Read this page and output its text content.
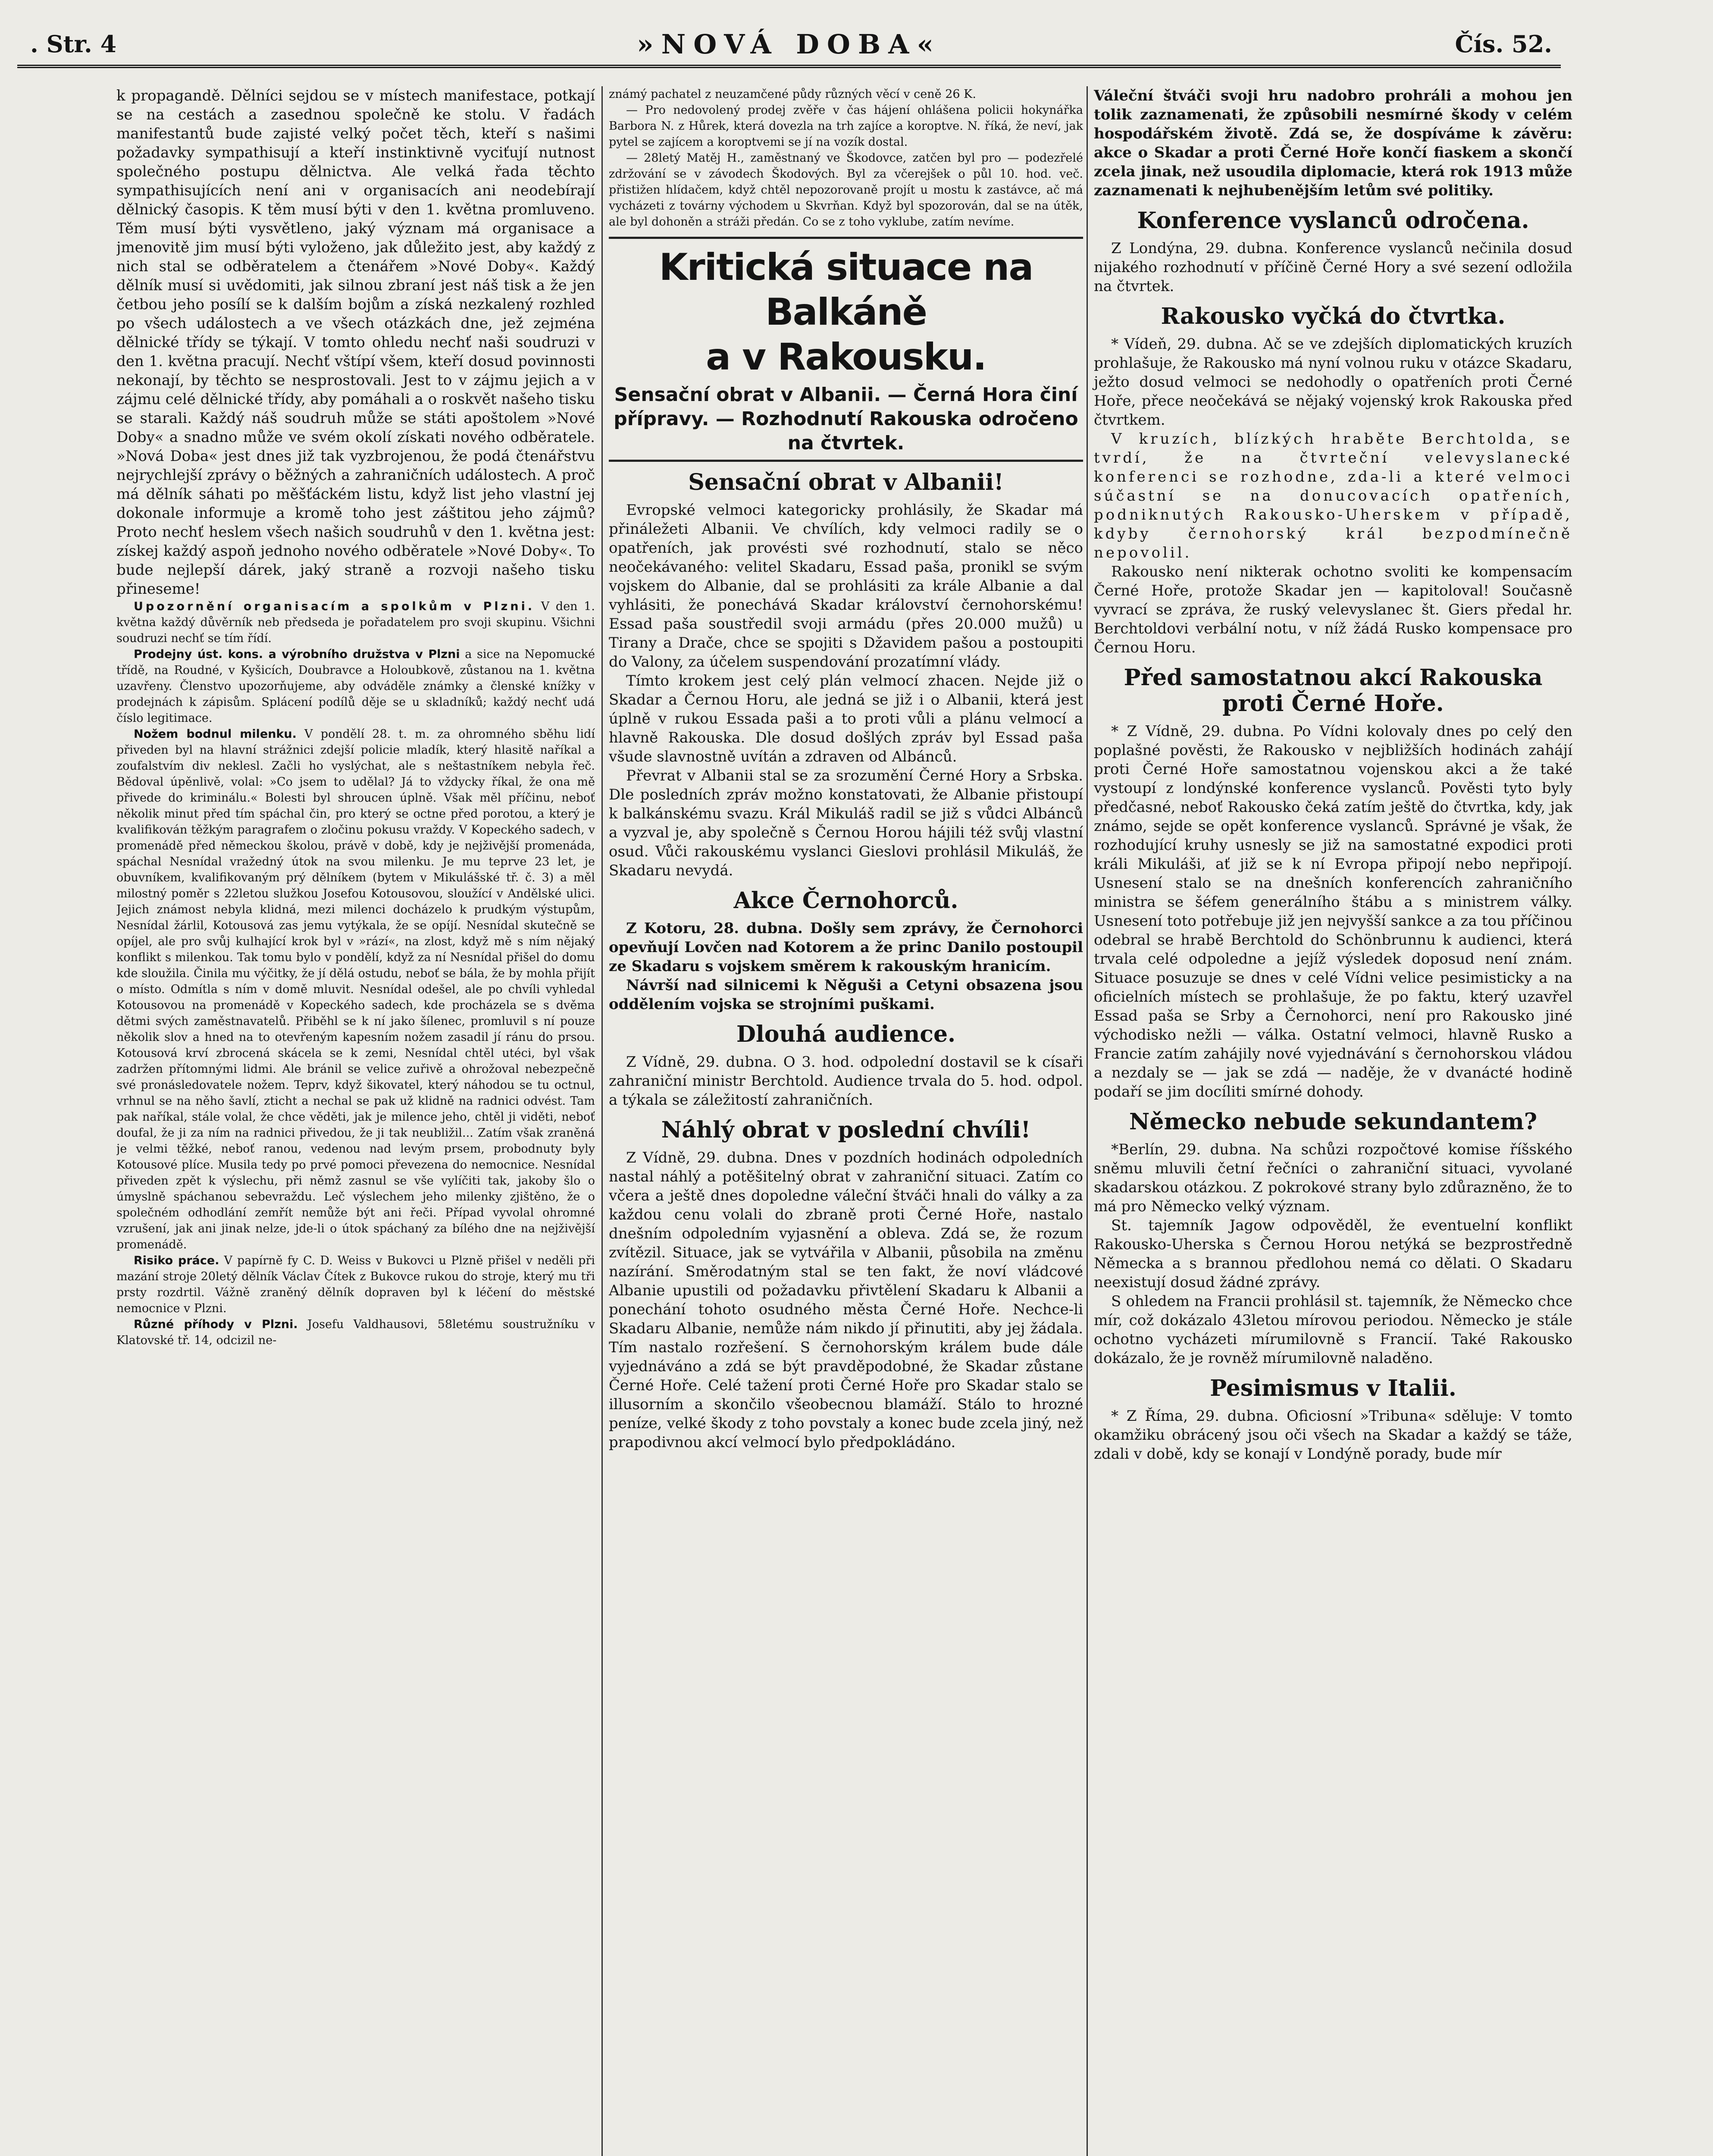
. Str. 4	»NOVÁ DOBA«	Čís. 52.

k propagandě. Dělníci sejdou se v místech manifestace, potkají se na cestách a zasednou společně ke stolu. V řadách manifestantů bude zajisté velký počet těch, kteří s našimi požadavky sympathisují a kteří instinktivně vyciťují nutnost společného postupu dělnictva. Ale velká řada těchto sympathisujících není ani v organisacích ani neodebírají dělnický časopis. K těm musí býti v den 1. května promluveno. Těm musí býti vysvětleno, jaký význam má organisace a jmenovitě jim musí býti vyloženo, jak důležito jest, aby každý z nich stal se odběratelem a čtenářem »Nové Doby«. Každý dělník musí si uvědomiti, jak silnou zbraní jest náš tisk a že jen četbou jeho posílí se k dalším bojům a získá nezkalený rozhled po všech událostech a ve všech otázkách dne, jež zejména dělnické třídy se týkají. V tomto ohledu nechť naši soudruzi v den 1. května pracují. Nechť vštípí všem, kteří dosud povinnosti nekonají, by těchto se nesprostovali. Jest to v zájmu jejich a v zájmu celé dělnické třídy, aby pomáhali a o roskvět našeho tisku se starali. Každý náš soudruh může se státi apoštolem »Nové Doby« a snadno může ve svém okolí získati nového odběratele. »Nová Doba« jest dnes již tak vyzbrojenou, že podá čtenářstvu nejrychlejší zprávy o běžných a zahraničních událostech. A proč má dělník sáhati po měšťáckém listu, když list jeho vlastní jej dokonale informuje a kromě toho jest záštitou jeho zájmů? Proto nechť heslem všech našich soudruhů v den 1. května jest: získej každý aspoň jednoho nového odběratele »Nové Doby«. To bude nejlepší dárek, jaký straně a rozvoji našeho tisku přineseme!

Upozornění organisacím a spolkům v Plzni. V den 1. května každý důvěrník neb předseda je pořadatelem pro svoji skupinu. Všichni soudruzi nechť se tím řídí.

Prodejny úst. kons. a výrobního družstva v Plzni a sice na Nepomucké třídě, na Roudné, v Kyšicích, Doubravce a Holoubkově, zůstanou na 1. května uzavřeny. Členstvo upozorňujeme, aby odváděle známky a členské knížky v prodejnách k zápisům. Splácení podílů děje se u skladníků; každý nechť udá číslo legitimace.

Nožem bodnul milenku. V pondělí 28. t. m. za ohromného sběhu lidí přiveden byl na hlavní strážnici zdejší policie mladík, který hlasitě naříkal a zoufalstvím div neklesl. Začli ho vyslýchat, ale s neštastníkem nebyla řeč. Bědoval úpěnlivě, volal: »Co jsem to udělal? Já to vždycky říkal, že ona mě přivede do kriminálu.« Bolesti byl shroucen úplně. Však měl příčinu, neboť několik minut před tím spáchal čin, pro který se octne před porotou, a který je kvalifikován těžkým paragrafem o zločinu pokusu vraždy. V Kopeckého sadech, v promenádě před německou školou, právě v době, kdy je nejživější promenáda, spáchal Nesnídal vražedný útok na svou milenku. Je mu teprve 23 let, je obuvníkem, kvalifikovaným prý dělníkem (bytem v Mikulášské tř. č. 3) a měl milostný poměr s 22letou služkou Josefou Kotousovou, sloužící v Andělské ulici. Jejich známost nebyla klidná, mezi milenci docházelo k prudkým výstupům, Nesnídal žárlil, Kotousová zas jemu vytýkala, že se opíjí. Nesnídal skutečně se opíjel, ale pro svůj kulhající krok byl v »rází«, na zlost, když mě s ním nějaký konflikt s milenkou. Tak tomu bylo v pondělí, když za ní Nesnídal přišel do domu kde sloužila. Činila mu výčitky, že jí dělá ostudu, neboť se bála, že by mohla přijít o místo. Odmítla s ním v domě mluvit. Nesnídal odešel, ale po chvíli vyhledal Kotousovou na promenádě v Kopeckého sadech, kde procházela se s dvěma dětmi svých zaměstnavatelů. Přiběhl se k ní jako šílenec, promluvil s ní pouze několik slov a hned na to otevřeným kapesním nožem zasadil jí ránu do prsou. Kotousová krví zbrocená skácela se k zemi, Nesnídal chtěl utéci, byl však zadržen přítomnými lidmi. Ale bránil se velice zuřivě a ohrožoval nebezpečně své pronásledovatele nožem. Teprv, když šikovatel, který náhodou se tu octnul, vrhnul se na něho šavlí, zticht a nechal se pak už klidně na radnici odvést. Tam pak naříkal, stále volal, že chce věděti, jak je milence jeho, chtěl ji viděti, neboť doufal, že ji za ním na radnici přivedou, že ji tak neubližil... Zatím však zraněná je velmi těžké, neboť ranou, vedenou nad levým prsem, probodnuty byly Kotousové plíce. Musila tedy po prvé pomoci převezena do nemocnice. Nesnídal přiveden zpět k výslechu, při němž zasnul se vše vylíčiti tak, jakoby šlo o úmyslně spáchanou sebevraždu. Leč výslechem jeho milenky zjištěno, že o společném odhodlání zemřít nemůže být ani řeči. Případ vyvolal ohromné vzrušení, jak ani jinak nelze, jde-li o útok spáchaný za bílého dne na nejživější promenádě.

Risiko práce. V papírně fy C. D. Weiss v Bukovci u Plzně přišel v neděli při mazání stroje 20letý dělník Václav Čítek z Bukovce rukou do stroje, který mu tři prsty rozdrtil. Vážně zraněný dělník dopraven byl k léčení do městské nemocnice v Plzni.

Různé příhody v Plzni. Josefu Valdhausovi, 58letému soustružníku v Klatovské tř. 14, odcizil ne-

známý pachatel z neuzamčené půdy různých věcí v ceně 26 K.

— Pro nedovolený prodej zvěře v čas hájení ohlášena policii hokynářka Barbora N. z Hůrek, která dovezla na trh zajíce a koroptve. N. říká, že neví, jak pytel se zajícem a koroptvemi se jí na vozík dostal.

— 28letý Matěj H., zaměstnaný ve Škodovce, zatčen byl pro — podezřelé zdržování se v závodech Škodových. Byl za včerejšek o půl 10. hod. več. přistižen hlídačem, když chtěl nepozorovaně projít u mostu k zastávce, ač má vycházeti z továrny východem u Skvrňan. Když byl spozorován, dal se na útěk, ale byl dohoněn a stráži předán. Co se z toho vyklube, zatím nevíme.

Kritická situace na Balkáně
a v Rakousku.
Sensační obrat v Albanii. — Černá Hora činí přípravy. — Rozhodnutí Rakouska odročeno na čtvrtek.
Sensační obrat v Albanii!

Evropské velmoci kategoricky prohlásily, že Skadar má přináležeti Albanii. Ve chvílích, kdy velmoci radily se o opatřeních, jak provésti své rozhodnutí, stalo se něco neočekávaného: velitel Skadaru, Essad paša, pronikl se svým vojskem do Albanie, dal se prohlásiti za krále Albanie a dal vyhlásiti, že ponechává Skadar království černohorskému! Essad paša soustředil svoji armádu (přes 20.000 mužů) u Tirany a Drače, chce se spojiti s Džavidem pašou a postoupiti do Valony, za účelem suspendování prozatímní vlády.

Tímto krokem jest celý plán velmocí zhacen. Nejde již o Skadar a Černou Horu, ale jedná se již i o Albanii, která jest úplně v rukou Essada paši a to proti vůli a plánu velmocí a hlavně Rakouska. Dle dosud došlých zpráv byl Essad paša všude slavnostně uvítán a zdraven od Albánců.

Převrat v Albanii stal se za srozumění Černé Hory a Srbska. Dle posledních zpráv možno konstatovati, že Albanie přistoupí k balkánskému svazu. Král Mikuláš radil se již s vůdci Albánců a vyzval je, aby společně s Černou Horou hájili též svůj vlastní osud. Vůči rakouskému vyslanci Gieslovi prohlásil Mikuláš, že Skadaru nevydá.

Akce Černohorců.

Z Kotoru, 28. dubna. Došly sem zprávy, že Černohorci opevňují Lovčen nad Kotorem a že princ Danilo postoupil ze Skadaru s vojskem směrem k rakouským hranicím.

Návrší nad silnicemi k Něguši a Cetyni obsazena jsou oddělením vojska se strojními puškami.

Dlouhá audience.

Z Vídně, 29. dubna. O 3. hod. odpolední dostavil se k císaři zahraniční ministr Berchtold. Audience trvala do 5. hod. odpol. a týkala se záležitostí zahraničních.

Náhlý obrat v poslední chvíli!

Z Vídně, 29. dubna. Dnes v pozdních hodinách odpoledních nastal náhlý a potěšitelný obrat v zahraniční situaci. Zatím co včera a ještě dnes dopoledne váleční štváči hnali do války a za každou cenu volali do zbraně proti Černé Hoře, nastalo dnešním odpoledním vyjasnění a obleva. Zdá se, že rozum zvítězil. Situace, jak se vytvářila v Albanii, působila na změnu nazírání. Směrodatným stal se ten fakt, že noví vládcové Albanie upustili od požadavku přivtělení Skadaru k Albanii a ponechání tohoto osudného města Černé Hoře. Nechce-li Skadaru Albanie, nemůže nám nikdo jí přinutiti, aby jej žádala. Tím nastalo rozřešení. S černohorským králem bude dále vyjednáváno a zdá se být pravděpodobné, že Skadar zůstane Černé Hoře. Celé tažení proti Černé Hoře pro Skadar stalo se illusorním a skončilo všeobecnou blamáží. Stálo to hrozné peníze, velké škody z toho povstaly a konec bude zcela jiný, než prapodivnou akcí velmocí bylo předpokládáno.

Váleční štváči svoji hru nadobro prohráli a mohou jen tolik zaznamenati, že způsobili nesmírné škody v celém hospodářském životě. Zdá se, že dospíváme k závěru: akce o Skadar a proti Černé Hoře končí fiaskem a skončí zcela jinak, než usoudila diplomacie, která rok 1913 může zaznamenati k nejhubenějším letům své politiky.

Konference vyslanců odročena.

Z Londýna, 29. dubna. Konference vyslanců nečinila dosud nijakého rozhodnutí v příčině Černé Hory a své sezení odložila na čtvrtek.

Rakousko vyčká do čtvrtka.

* Vídeň, 29. dubna. Ač se ve zdejších diplomatických kruzích prohlašuje, že Rakousko má nyní volnou ruku v otázce Skadaru, ježto dosud velmoci se nedohodly o opatřeních proti Černé Hoře, přece neočekává se nějaký vojenský krok Rakouska před čtvrtkem.

V kruzích, blízkých hraběte Berchtolda, se tvrdí, že na čtvrteční velevyslanecké konferenci se rozhodne, zda-li a které velmoci súčastní se na donucovacích opatřeních, podniknutých Rakousko-Uherskem v případě, kdyby černohorský král bezpodmínečně nepovolil.

Rakousko není nikterak ochotno svoliti ke kompensacím Černé Hoře, protože Skadar jen — kapitoloval! Současně vyvrací se zpráva, že ruský velevyslanec št. Giers předal hr. Berchtoldovi verbální notu, v níž žádá Rusko kompensace pro Černou Horu.

Před samostatnou akcí Rakouska proti Černé Hoře.

* Z Vídně, 29. dubna. Po Vídni kolovaly dnes po celý den poplašné pověsti, že Rakousko v nejbližších hodinách zahájí proti Černé Hoře samostatnou vojenskou akci a že také vystoupí z londýnské konference vyslanců. Pověsti tyto byly předčasné, neboť Rakousko čeká zatím ještě do čtvrtka, kdy, jak známo, sejde se opět konference vyslanců. Správné je však, že rozhodující kruhy usnesly se již na samostatné expodici proti králi Mikuláši, ať již se k ní Evropa připojí nebo nepřipojí. Usnesení stalo se na dnešních konferencích zahraničního ministra se šéfem generálního štábu a s ministrem války. Usnesení toto potřebuje již jen nejvyšší sankce a za tou příčinou odebral se hrabě Berchtold do Schönbrunnu k audienci, která trvala celé odpoledne a jejíž výsledek doposud není znám. Situace posuzuje se dnes v celé Vídni velice pesimisticky a na oficielních místech se prohlašuje, že po faktu, který uzavřel Essad paša se Srby a Černohorci, není pro Rakousko jiné východisko nežli — válka. Ostatní velmoci, hlavně Rusko a Francie zatím zahájily nové vyjednávání s černohorskou vládou a nezdaly se — jak se zdá — naděje, že v dvanácté hodině podaří se jim docíliti smírné dohody.

Německo nebude sekundantem?

*Berlín, 29. dubna. Na schůzi rozpočtové komise říšského sněmu mluvili četní řečníci o zahraniční situaci, vyvolané skadarskou otázkou. Z pokrokové strany bylo zdůrazněno, že to má pro Německo velký význam.

St. tajemník Jagow odpověděl, že eventuelní konflikt Rakousko-Uherska s Černou Horou netýká se bezprostředně Německa a s brannou předlohou nemá co dělati. O Skadaru neexistují dosud žádné zprávy.

S ohledem na Francii prohlásil st. tajemník, že Německo chce mír, což dokázalo 43letou mírovou periodou. Německo je stále ochotno vycházeti mírumilovně s Francií. Také Rakousko dokázalo, že je rovněž mírumilovně naladěno.

Pesimismus v Italii.

* Z Říma, 29. dubna. Oficiosní »Tribuna« sděluje: V tomto okamžiku obrácený jsou oči všech na Skadar a každý se táže, zdali v době, kdy se konají v Londýně porady, bude mír
